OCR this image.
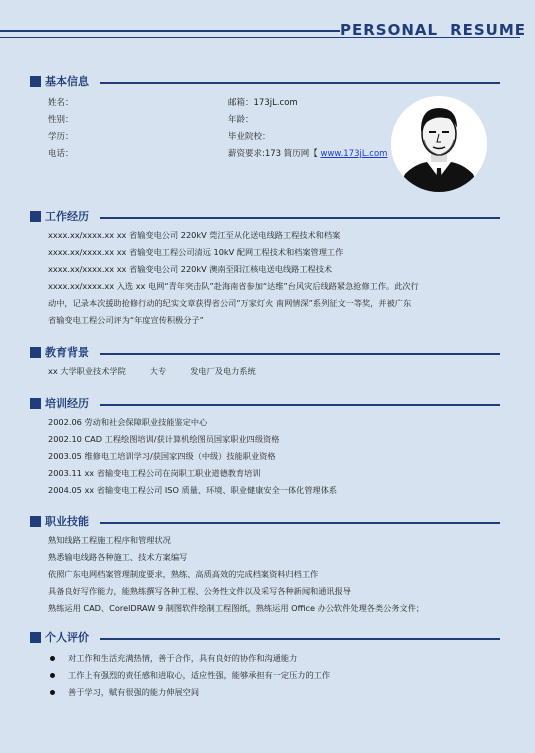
PERSONAL RESUME
基本信息
姓名：	邮箱：173jL.com
性别：	年龄：
学历：	毕业院校：
电话：	薪资要求:173 简历网【 www.173jL.com
工作经历
xxxx.xx/xxxx.xx xx 省输变电公司 220kV 莞江至从化送电线路工程技术和档案
xxxx.xx/xxxx.xx xx 省输变电工程公司清远 10kV 配网工程技术和档案管理工作
xxxx.xx/xxxx.xx xx 省输变电公司 220kV 澳南至阳江核电送电线路工程技术
xxxx.xx/xxxx.xx 入选 xx 电网“青年突击队”赴海南省参加“达维”台风灾后线路紧急抢修工作。此次行
动中，记录本次援助抢修行动的纪实文章获得省公司“万家灯火 南网情深”系列征文一等奖，并被广东
省输变电工程公司评为“年度宣传积极分子”
教育背景
xx 大学职业技术学院	大专	发电厂及电力系统
培训经历
2002.06 劳动和社会保障职业技能鉴定中心
2002.10 CAD 工程绘图培训/获计算机绘图员国家职业四级资格
2003.05 维修电工培训学习/获国家四级（中级）技能职业资格
2003.11 xx 省输变电工程公司在岗职工职业道德教育培训
2004.05 xx 省输变电工程公司 ISO 质量、环境、职业健康安全一体化管理体系
职业技能
熟知线路工程施工程序和管理状况
熟悉输电线路各种施工、技术方案编写
依照广东电网档案管理制度要求，熟练、高质高效的完成档案资料归档工作
具备良好写作能力，能熟练撰写各种工程、公务性文件以及采写各种新闻和通讯报导
熟练运用 CAD、CorelDRAW 9 制图软件绘制工程图纸，熟练运用 Office 办公软件处理各类公务文件；
个人评价
对工作和生活充满热情，善于合作，具有良好的协作和沟通能力
工作上有强烈的责任感和进取心，适应性强，能够承担有一定压力的工作
善于学习，赋有很强的能力伸展空间
